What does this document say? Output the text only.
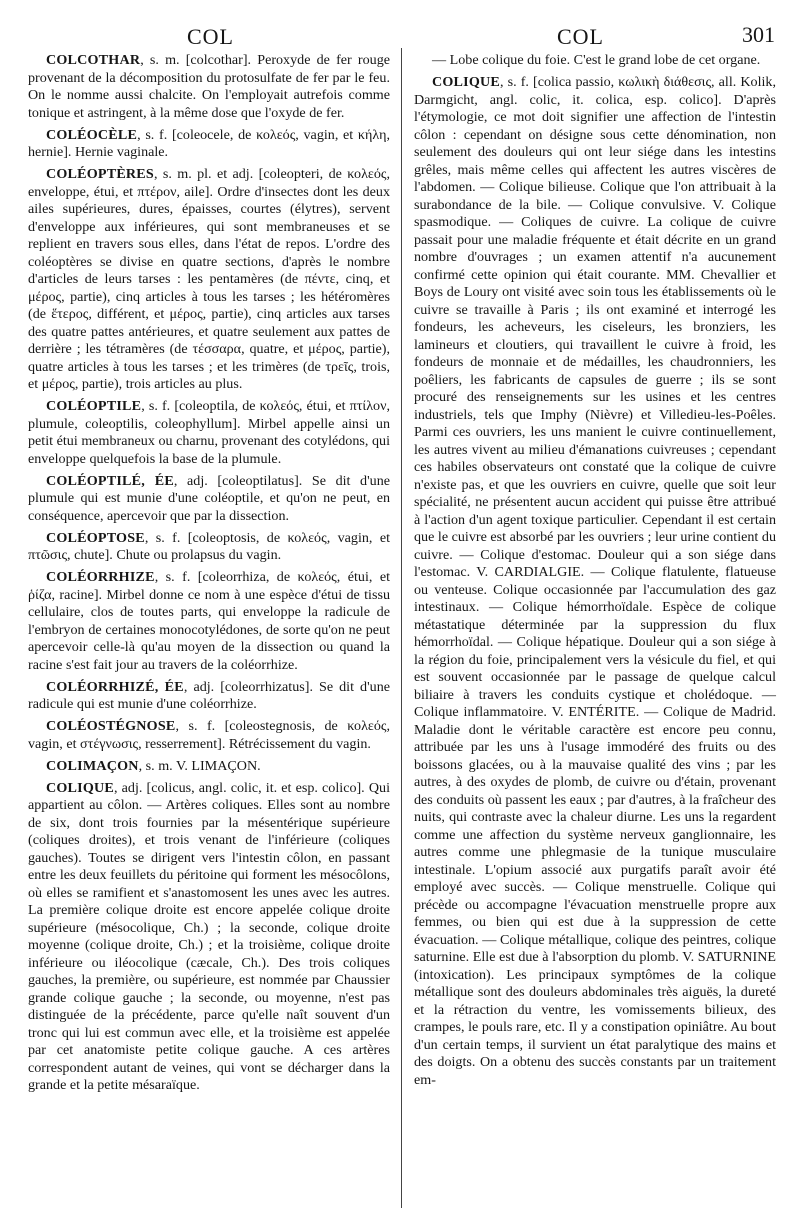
COL	COL	301

COLCOTHAR, s. m. [colcothar]. Peroxyde de fer rouge provenant de la décomposition du protosulfate de fer par le feu. On le nomme aussi chalcite. On l'employait autrefois comme tonique et astringent, à la même dose que l'oxyde de fer.

COLÉOCÈLE, s. f. [coleocele, de κολεός, vagin, et κήλη, hernie]. Hernie vaginale.

COLÉOPTÈRES, s. m. pl. et adj. [coleopteri, de κολεός, enveloppe, étui, et πτέρον, aile]. Ordre d'insectes dont les deux ailes supérieures, dures, épaisses, courtes (élytres), servent d'enveloppe aux inférieures, qui sont membraneuses et se replient en travers sous elles, dans l'état de repos. L'ordre des coléoptères se divise en quatre sections, d'après le nombre d'articles de leurs tarses : les pentamères (de πέντε, cinq, et μέρος, partie), cinq articles à tous les tarses ; les hétéromères (de ἕτερος, différent, et μέρος, partie), cinq articles aux tarses des quatre pattes antérieures, et quatre seulement aux pattes de derrière ; les tétramères (de τέσσαρα, quatre, et μέρος, partie), quatre articles à tous les tarses ; et les trimères (de τρεῖς, trois, et μέρος, partie), trois articles au plus.

COLÉOPTILE, s. f. [coleoptila, de κολεός, étui, et πτίλον, plumule, coleoptilis, coleophyllum]. Mirbel appelle ainsi un petit étui membraneux ou charnu, provenant des cotylédons, qui enveloppe quelquefois la base de la plumule.

COLÉOPTILÉ, ÉE, adj. [coleoptilatus]. Se dit d'une plumule qui est munie d'une coléoptile, et qu'on ne peut, en conséquence, apercevoir que par la dissection.

COLÉOPTOSE, s. f. [coleoptosis, de κολεός, vagin, et πτῶσις, chute]. Chute ou prolapsus du vagin.

COLÉORRHIZE, s. f. [coleorrhiza, de κολεός, étui, et ῥίζα, racine]. Mirbel donne ce nom à une espèce d'étui de tissu cellulaire, clos de toutes parts, qui enveloppe la radicule de l'embryon de certaines monocotylédones, de sorte qu'on ne peut apercevoir celle-là qu'au moyen de la dissection ou quand la racine s'est fait jour au travers de la coléorrhize.

COLÉORRHIZÉ, ÉE, adj. [coleorrhizatus]. Se dit d'une radicule qui est munie d'une coléorrhize.

COLÉOSTÉGNOSE, s. f. [coleostegnosis, de κολεός, vagin, et στέγνωσις, resserrement]. Rétrécissement du vagin.

COLIMAÇON, s. m. V. LIMAÇON.

COLIQUE, adj. [colicus, angl. colic, it. et esp. colico]. Qui appartient au côlon. — Artères coliques. Elles sont au nombre de six, dont trois fournies par la mésentérique supérieure (coliques droites), et trois venant de l'inférieure (coliques gauches). Toutes se dirigent vers l'intestin côlon, en passant entre les deux feuillets du péritoine qui forment les mésocôlons, où elles se ramifient et s'anastomosent les unes avec les autres. La première colique droite est encore appelée colique droite supérieure (mésocolique, Ch.) ; la seconde, colique droite moyenne (colique droite, Ch.) ; et la troisième, colique droite inférieure ou iléocolique (cæcale, Ch.). Des trois coliques gauches, la première, ou supérieure, est nommée par Chaussier grande colique gauche ; la seconde, ou moyenne, n'est pas distinguée de la précédente, parce qu'elle naît souvent d'un tronc qui lui est commun avec elle, et la troisième est appelée par cet anatomiste petite colique gauche. A ces artères correspondent autant de veines, qui vont se décharger dans la grande et la petite mésaraïque.

— Lobe colique du foie. C'est le grand lobe de cet organe.

COLIQUE, s. f. [colica passio, κωλικὴ διάθεσις, all. Kolik, Darmgicht, angl. colic, it. colica, esp. colico]. D'après l'étymologie, ce mot doit signifier une affection de l'intestin côlon : cependant on désigne sous cette dénomination, non seulement des douleurs qui ont leur siége dans les intestins grêles, mais même celles qui affectent les autres viscères de l'abdomen. — Colique bilieuse. Colique que l'on attribuait à la surabondance de la bile. — Colique convulsive. V. Colique spasmodique. — Coliques de cuivre. La colique de cuivre passait pour une maladie fréquente et était décrite en un grand nombre d'ouvrages ; un examen attentif n'a aucunement confirmé cette opinion qui était courante. MM. Chevallier et Boys de Loury ont visité avec soin tous les établissements où le cuivre se travaille à Paris ; ils ont examiné et interrogé les fondeurs, les acheveurs, les ciseleurs, les bronziers, les lamineurs et cloutiers, qui travaillent le cuivre à froid, les fondeurs de monnaie et de médailles, les chaudronniers, les poêliers, les fabricants de capsules de guerre ; ils se sont procuré des renseignements sur les usines et les centres industriels, tels que Imphy (Nièvre) et Villedieu-les-Poêles. Parmi ces ouvriers, les uns manient le cuivre continuellement, les autres vivent au milieu d'émanations cuivreuses ; cependant ces habiles observateurs ont constaté que la colique de cuivre n'existe pas, et que les ouvriers en cuivre, quelle que soit leur spécialité, ne présentent aucun accident qui puisse être attribué à l'action d'un agent toxique particulier. Cependant il est certain que le cuivre est absorbé par les ouvriers ; leur urine contient du cuivre. — Colique d'estomac. Douleur qui a son siége dans l'estomac. V. CARDIALGIE. — Colique flatulente, flatueuse ou venteuse. Colique occasionnée par l'accumulation des gaz intestinaux. — Colique hémorrhoïdale. Espèce de colique métastatique déterminée par la suppression du flux hémorrhoïdal. — Colique hépatique. Douleur qui a son siége à la région du foie, principalement vers la vésicule du fiel, et qui est souvent occasionnée par le passage de quelque calcul biliaire à travers les conduits cystique et cholédoque. — Colique inflammatoire. V. ENTÉRITE. — Colique de Madrid. Maladie dont le véritable caractère est encore peu connu, attribuée par les uns à l'usage immodéré des fruits ou des boissons glacées, ou à la mauvaise qualité des vins ; par les autres, à des oxydes de plomb, de cuivre ou d'étain, provenant des conduits où passent les eaux ; par d'autres, à la fraîcheur des nuits, qui contraste avec la chaleur diurne. Les uns la regardent comme une affection du système nerveux ganglionnaire, les autres comme une phlegmasie de la tunique musculaire intestinale. L'opium associé aux purgatifs paraît avoir été employé avec succès. — Colique menstruelle. Colique qui précède ou accompagne l'évacuation menstruelle propre aux femmes, ou bien qui est due à la suppression de cette évacuation. — Colique métallique, colique des peintres, colique saturnine. Elle est due à l'absorption du plomb. V. SATURNINE (intoxication). Les principaux symptômes de la colique métallique sont des douleurs abdominales très aiguës, la dureté et la rétraction du ventre, les vomissements bilieux, des crampes, le pouls rare, etc. Il y a constipation opiniâtre. Au bout d'un certain temps, il survient un état paralytique des mains et des doigts. On a obtenu des succès constants par un traitement em-
